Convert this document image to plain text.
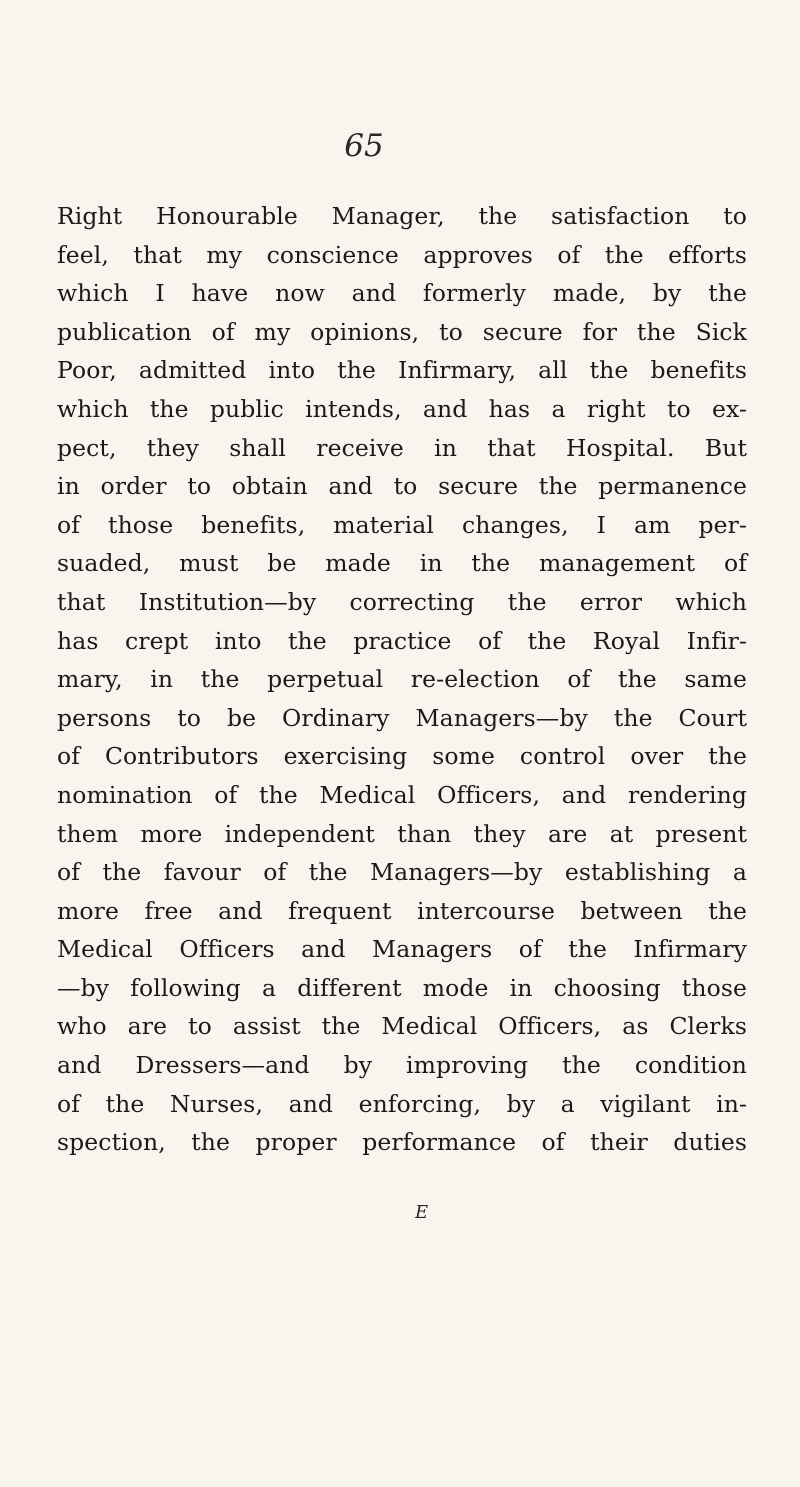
65
Right Honourable Manager, the satisfaction to
feel, that my conscience approves of the efforts
which I have now and formerly made, by the
publication of my opinions, to secure for the Sick
Poor, admitted into the Infirmary, all the benefits
which the public intends, and has a right to ex-
pect, they shall receive in that Hospital. But
in order to obtain and to secure the permanence
of those benefits, material changes, I am per-
suaded, must be made in the management of
that Institution—by correcting the error which
has crept into the practice of the Royal Infir-
mary, in the perpetual re-election of the same
persons to be Ordinary Managers—by the Court
of Contributors exercising some control over the
nomination of the Medical Officers, and rendering
them more independent than they are at present
of the favour of the Managers—by establishing a
more free and frequent intercourse between the
Medical Officers and Managers of the Infirmary
—by following a different mode in choosing those
who are to assist the Medical Officers, as Clerks
and Dressers—and by improving the condition
of the Nurses, and enforcing, by a vigilant in-
spection, the proper performance of their duties
E
